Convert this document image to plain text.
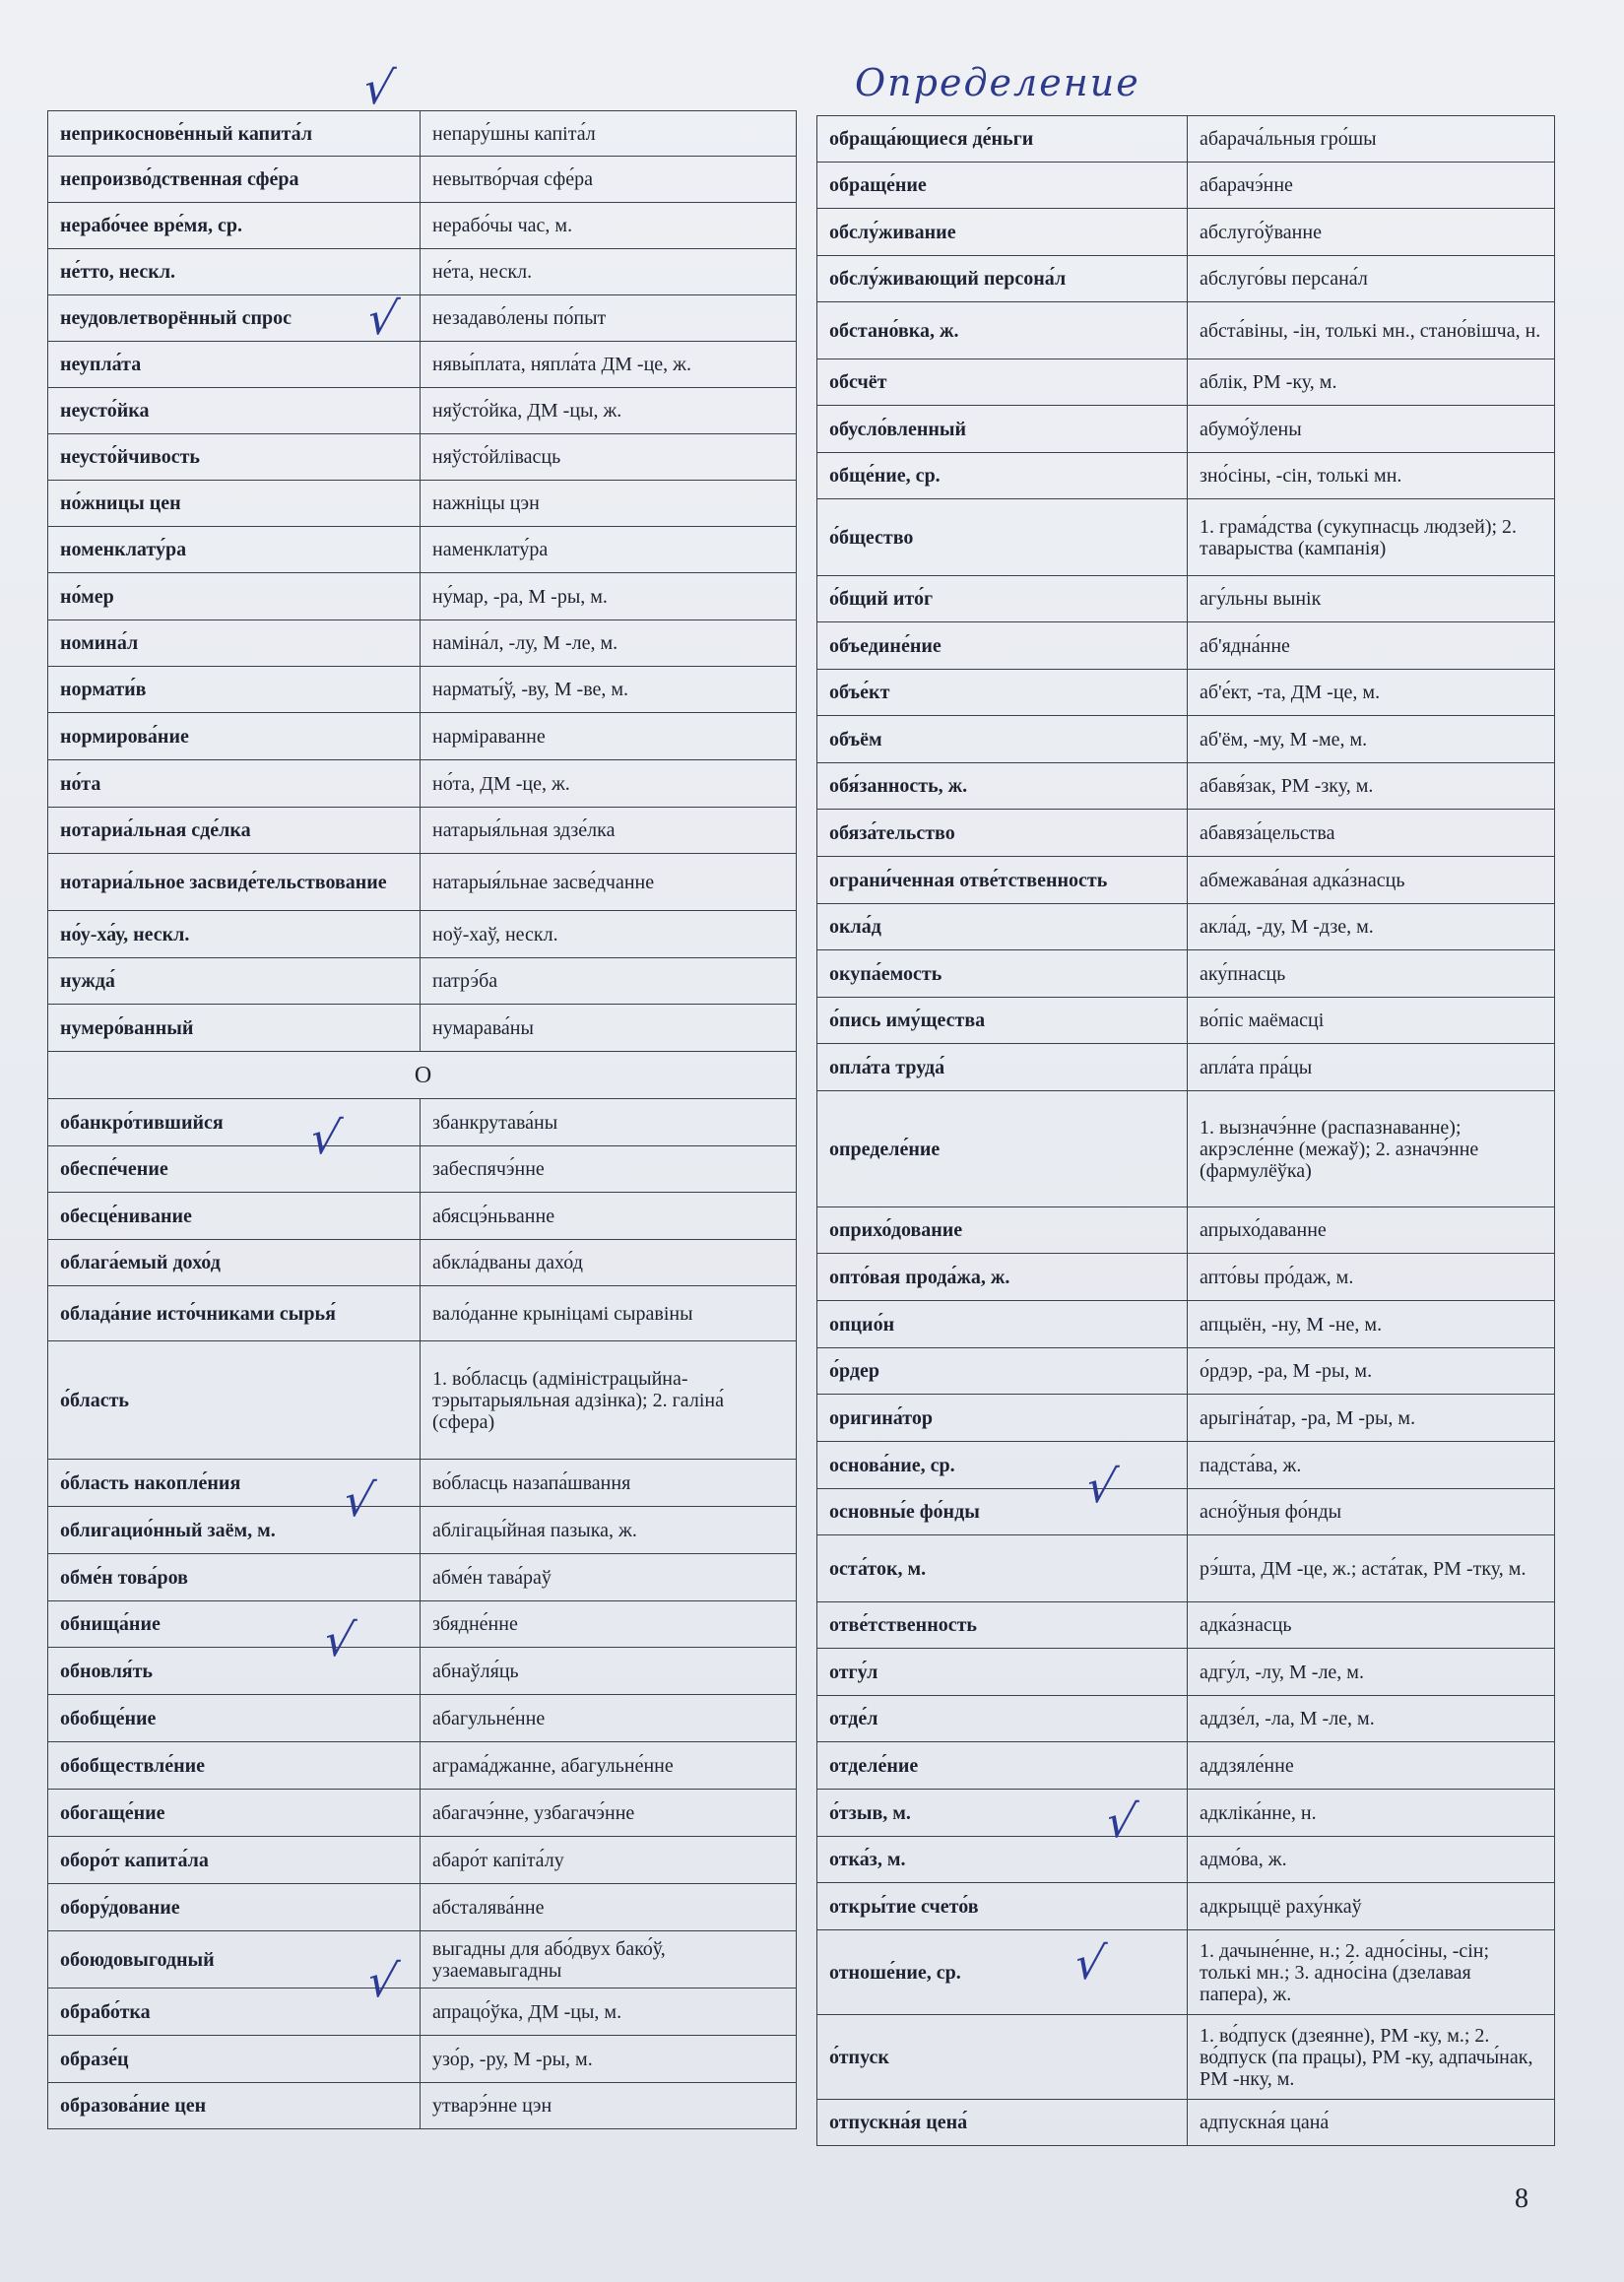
Определение
неприкоснове́нный капита́л	непару́шны капіта́л
непроизво́дственная сфе́ра	невытво́рчая сфе́ра
нерабо́чее вре́мя, ср.	нерабо́чы час, м.
не́тто, нескл.	не́та, нескл.
неудовлетворённый спрос	незадаво́лены по́пыт
неупла́та	нявы́плата, няпла́та ДМ -це, ж.
неусто́йка	няўсто́йка, ДМ -цы, ж.
неусто́йчивость	няўсто́йлівасць
но́жницы цен	нажніцы цэн
номенклату́ра	наменклату́ра
но́мер	ну́мар, -ра, М -ры, м.
номина́л	наміна́л, -лу, М -ле, м.
нормати́в	нарматы́ў, -ву, М -ве, м.
нормирова́ние	нарміраванне
но́та	но́та, ДМ -це, ж.
нотариа́льная сде́лка	натарыя́льная здзе́лка
нотариа́льное засвиде́тельствование	натарыя́льнае засве́дчанне
но́у-ха́у, нескл.	ноў-хаў, нескл.
нужда́	патрэ́ба
нумеро́ванный	нумарава́ны
О	
обанкро́тившийся	збанкрутава́ны
обеспе́чение	забеспячэ́нне
обесце́нивание	абясцэ́ньванне
облага́емый дохо́д	абкла́дваны дахо́д
облада́ние исто́чниками сырья́	вало́данне крыніцамі сыравіны
о́бласть	1. во́бласць (адміністрацыйна-тэрытарыяльная адзінка); 2. галіна́ (сфера)
о́бласть накопле́ния	во́бласць назапа́швання
облигацио́нный заём, м.	аблігацы́йная пазыка, ж.
обме́н това́ров	абме́н тава́раў
обнища́ние	збядне́нне
обновля́ть	абнаўля́ць
обобще́ние	абагульне́нне
обобществле́ние	аграма́джанне, абагульне́нне
обогаще́ние	абагачэ́нне, узбагачэ́нне
оборо́т капита́ла	абаро́т капіта́лу
обору́дование	абсталява́нне
обоюдовыгодный	выгадны для або́двух бако́ў, узаемавыгадны
обрабо́тка	апрацо́ўка, ДМ -цы, м.
образе́ц	узо́р, -ру, М -ры, м.
образова́ние цен	утварэ́нне цэн
обраща́ющиеся де́ньги	абарача́льныя гро́шы
обраще́ние	абарачэ́нне
обслу́живание	абслуго́ўванне
обслу́живающий персона́л	абслуго́вы персана́л
обстано́вка, ж.	абста́віны, -ін, толькі мн., стано́вішча, н.
обсчёт	аблік, РМ -ку, м.
обусло́вленный	абумо́ўлены
обще́ние, ср.	зно́сіны, -сін, толькі мн.
о́бщество	1. грама́дства (сукупнасць людзей); 2. таварыства (кампанія)
о́бщий ито́г	агу́льны вынік
объедине́ние	аб'ядна́нне
объе́кт	аб'е́кт, -та, ДМ -це, м.
объём	аб'ём, -му, М -ме, м.
обя́занность, ж.	абавя́зак, РМ -зку, м.
обяза́тельство	абавяза́цельства
ограни́ченная отве́тственность	абмежава́ная адка́знасць
окла́д	акла́д, -ду, М -дзе, м.
окупа́емость	аку́пнасць
о́пись иму́щества	во́піс маёмасці
опла́та труда́	апла́та пра́цы
определе́ние	1. вызначэ́нне (распазнаванне); акрэсле́нне (межаў); 2. азначэ́нне (фармулёўка)
оприхо́дование	апрыхо́даванне
опто́вая прода́жа, ж.	апто́вы про́даж, м.
опцио́н	апцыён, -ну, М -не, м.
о́рдер	о́рдэр, -ра, М -ры, м.
оригина́тор	арыгіна́тар, -ра, М -ры, м.
основа́ние, ср.	падста́ва, ж.
основны́е фо́нды	асно́ўныя фо́нды
оста́ток, м.	рэ́шта, ДМ -це, ж.; аста́так, РМ -тку, м.
отве́тственность	адка́знасць
отгу́л	адгу́л, -лу, М -ле, м.
отде́л	аддзе́л, -ла, М -ле, м.
отделе́ние	аддзяле́нне
о́тзыв, м.	адкліка́нне, н.
отка́з, м.	адмо́ва, ж.
откры́тие счето́в	адкрыццё раху́нкаў
отноше́ние, ср.	1. дачыне́нне, н.; 2. адно́сіны, -сін; толькі мн.; 3. адно́сіна (дзелавая папера), ж.
о́тпуск	1. во́дпуск (дзеянне), РМ -ку, м.; 2. во́дпуск (па працы), РМ -ку, адпачы́нак, РМ -нку, м.
отпускна́я цена́	адпускна́я цана́
√
√
√
√
√
√
√
√
√
8
